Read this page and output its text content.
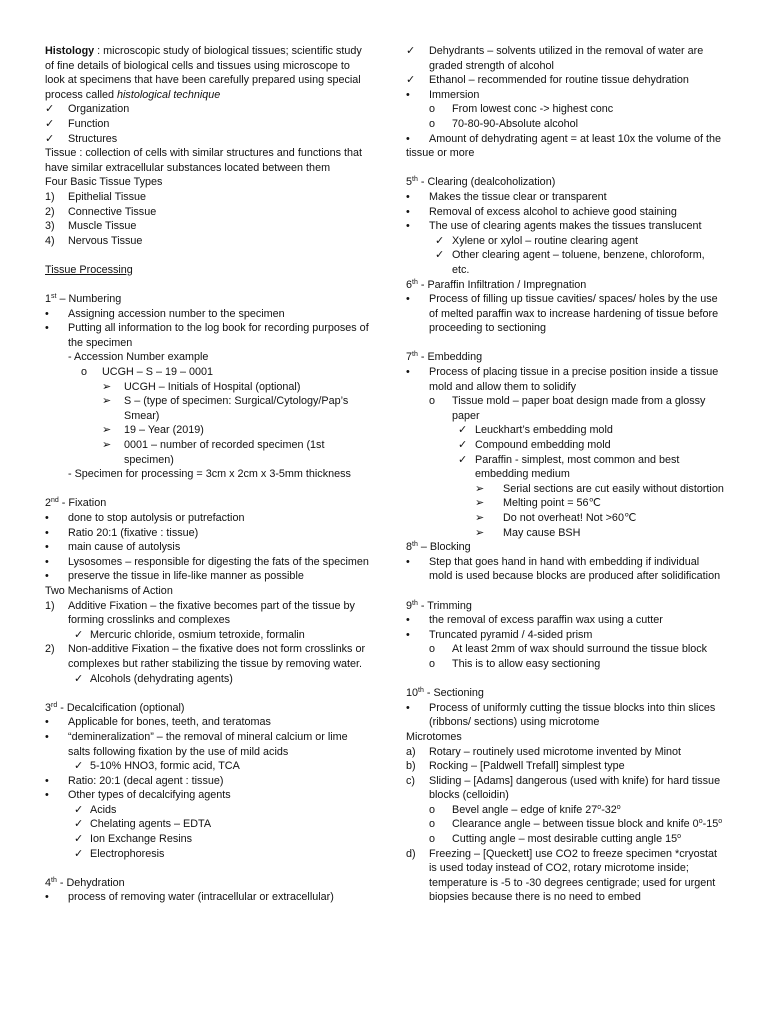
Histology : microscopic study of biological tissues; scientific study of fine details of biological cells and tissues using microscope to look at specimens that have been carefully prepared using special process called histological technique
✓ Organization
✓ Function
✓ Structures
Tissue : collection of cells with similar structures and functions that have similar extracellular substances located between them
Four Basic Tissue Types
1) Epithelial Tissue
2) Connective Tissue
3) Muscle Tissue
4) Nervous Tissue
Tissue Processing
1st – Numbering
• Assigning accession number to the specimen
• Putting all information to the log book for recording purposes of the specimen
- Accession Number example
o UCGH – S – 19 – 0001
➢ UCGH – Initials of Hospital (optional)
➢ S – (type of specimen: Surgical/Cytology/Pap’s Smear)
➢ 19 – Year (2019)
➢ 0001 – number of recorded specimen (1st specimen)
- Specimen for processing = 3cm x 2cm x 3-5mm thickness
2nd - Fixation
• done to stop autolysis or putrefaction
• Ratio 20:1 (fixative : tissue)
• main cause of autolysis
• Lysosomes – responsible for digesting the fats of the specimen
• preserve the tissue in life-like manner as possible
Two Mechanisms of Action
1) Additive Fixation – the fixative becomes part of the tissue by forming crosslinks and complexes
✓ Mercuric chloride, osmium tetroxide, formalin
2) Non-additive Fixation – the fixative does not form crosslinks or complexes but rather stabilizing the tissue by removing water.
✓ Alcohols (dehydrating agents)
3rd - Decalcification (optional)
• Applicable for bones, teeth, and teratomas
• “demineralization” – the removal of mineral calcium or lime salts following fixation by the use of mild acids
✓ 5-10% HNO3, formic acid, TCA
• Ratio: 20:1 (decal agent : tissue)
• Other types of decalcifying agents
✓ Acids
✓ Chelating agents – EDTA
✓ Ion Exchange Resins
✓ Electrophoresis
4th - Dehydration
• process of removing water (intracellular or extracellular)
✓ Dehydrants – solvents utilized in the removal of water are graded strength of alcohol
✓ Ethanol – recommended for routine tissue dehydration
• Immersion
o From lowest conc -> highest conc
o 70-80-90-Absolute alcohol
• Amount of dehydrating agent = at least 10x the volume of the tissue or more
5th - Clearing (dealcoholization)
• Makes the tissue clear or transparent
• Removal of excess alcohol to achieve good staining
• The use of clearing agents makes the tissues translucent
✓ Xylene or xylol – routine clearing agent
✓ Other clearing agent – toluene, benzene, chloroform, etc.
6th - Paraffin Infiltration / Impregnation
• Process of filling up tissue cavities/ spaces/ holes by the use of melted paraffin wax to increase hardening of tissue before proceeding to sectioning
7th - Embedding
• Process of placing tissue in a precise position inside a tissue mold and allow them to solidify
o Tissue mold – paper boat design made from a glossy paper
✓ Leuckhart’s embedding mold
✓ Compound embedding mold
✓ Paraffin - simplest, most common and best embedding medium
➢ Serial sections are cut easily without distortion
➢ Melting point = 56℃
➢ Do not overheat! Not >60℃
➢ May cause BSH
8th – Blocking
• Step that goes hand in hand with embedding if individual mold is used because blocks are produced after solidification
9th - Trimming
• the removal of excess paraffin wax using a cutter
• Truncated pyramid / 4-sided prism
o At least 2mm of wax should surround the tissue block
o This is to allow easy sectioning
10th - Sectioning
• Process of uniformly cutting the tissue blocks into thin slices (ribbons/ sections) using microtome
Microtomes
a) Rotary – routinely used microtome invented by Minot
b) Rocking – [Paldwell Trefall] simplest type
c) Sliding – [Adams] dangerous (used with knife) for hard tissue blocks (celloidin)
o Bevel angle – edge of knife 27$^o$-32$^o$
o Clearance angle – between tissue block and knife 0$^o$-15$^o$
o Cutting angle – most desirable cutting angle 15$^o$
d) Freezing – [Queckett] use CO2 to freeze specimen *cryostat is used today instead of CO2, rotary microtome inside; temperature is -5 to -30 degrees centigrade; used for urgent biopsies because there is no need to embed
